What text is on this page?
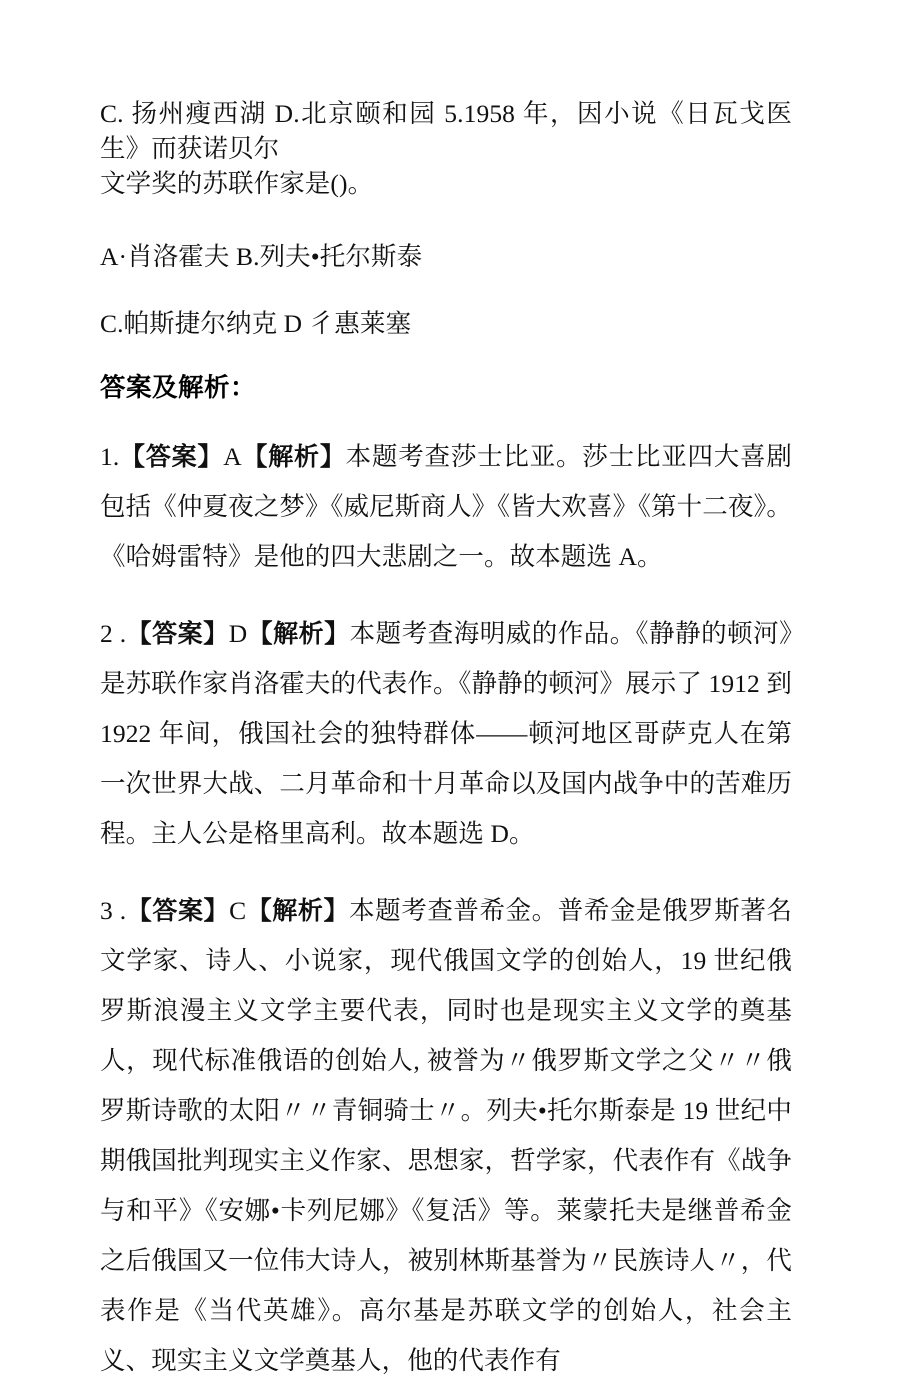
C. 扬州瘦西湖 D.北京颐和园 5.1958 年，因小说《日瓦戈医生》而获诺贝尔

文学奖的苏联作家是()。

A·肖洛霍夫 B.列夫•托尔斯泰

C.帕斯捷尔纳克 D 彳惠莱塞

答案及解析：

1.【答案】A【解析】本题考查莎士比亚。莎士比亚四大喜剧包括《仲夏夜之梦》《威尼斯商人》《皆大欢喜》《第十二夜》。《哈姆雷特》是他的四大悲剧之一。故本题选 A。

2 .【答案】D【解析】本题考查海明威的作品。《静静的顿河》是苏联作家肖洛霍夫的代表作。《静静的顿河》展示了 1912 到 1922 年间，俄国社会的独特群体——顿河地区哥萨克人在第一次世界大战、二月革命和十月革命以及国内战争中的苦难历程。主人公是格里高利。故本题选 D。

3 .【答案】C【解析】本题考查普希金。普希金是俄罗斯著名文学家、诗人、小说家，现代俄国文学的创始人，19 世纪俄罗斯浪漫主义文学主要代表，同时也是现实主义文学的奠基人，现代标准俄语的创始人, 被誉为〃俄罗斯文学之父〃〃俄罗斯诗歌的太阳〃〃青铜骑士〃。列夫•托尔斯泰是 19 世纪中期俄国批判现实主义作家、思想家，哲学家，代表作有《战争与和平》《安娜•卡列尼娜》《复活》等。莱蒙托夫是继普希金之后俄国又一位伟大诗人，被别林斯基誉为〃民族诗人〃，代表作是《当代英雄》。高尔基是苏联文学的创始人，社会主义、现实主义文学奠基人，他的代表作有
